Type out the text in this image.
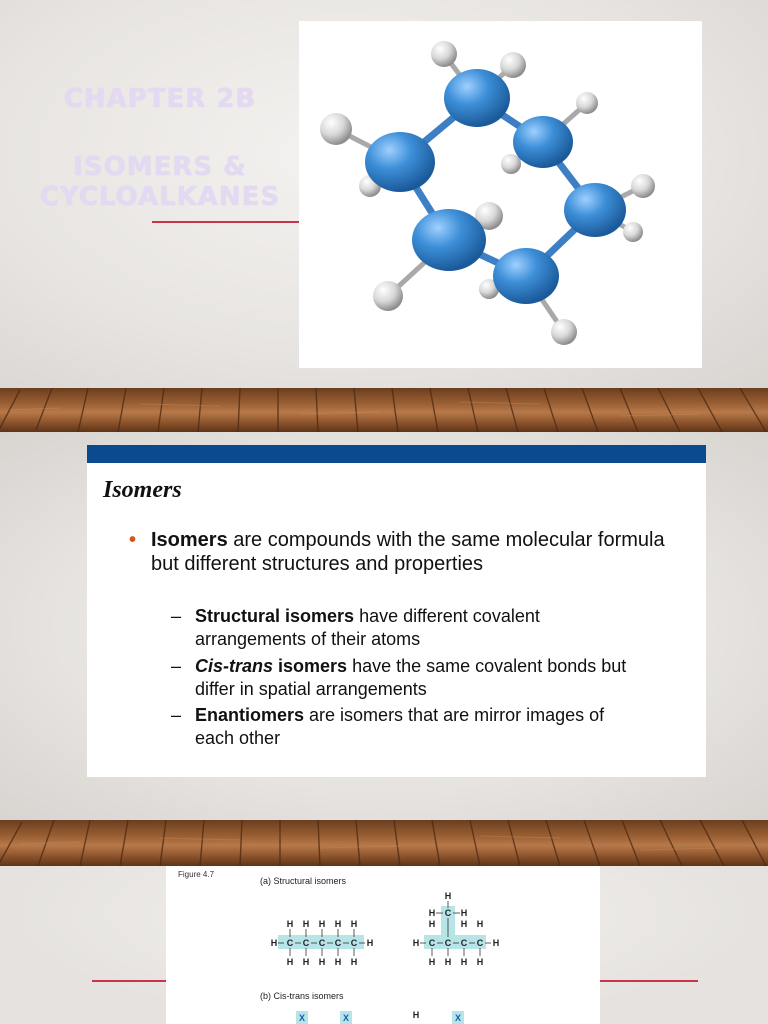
CHAPTER 2B
ISOMERS &
CYCLOALKANES
Isomers
• Isomers are compounds with the same molecular formula but different structures and properties

– Structural isomers have different covalent arrangements of their atoms

– Cis-trans isomers have the same covalent bonds but differ in spatial arrangements

– Enantiomers are isomers that are mirror images of each other

Figure 4.7
(a) Structural isomers
(b) Cis-trans isomers
H H H H H
H C C C C C H
H H H H H
H
H C H
H	H H
H C C C C H
H H H H
H
X	X	X
